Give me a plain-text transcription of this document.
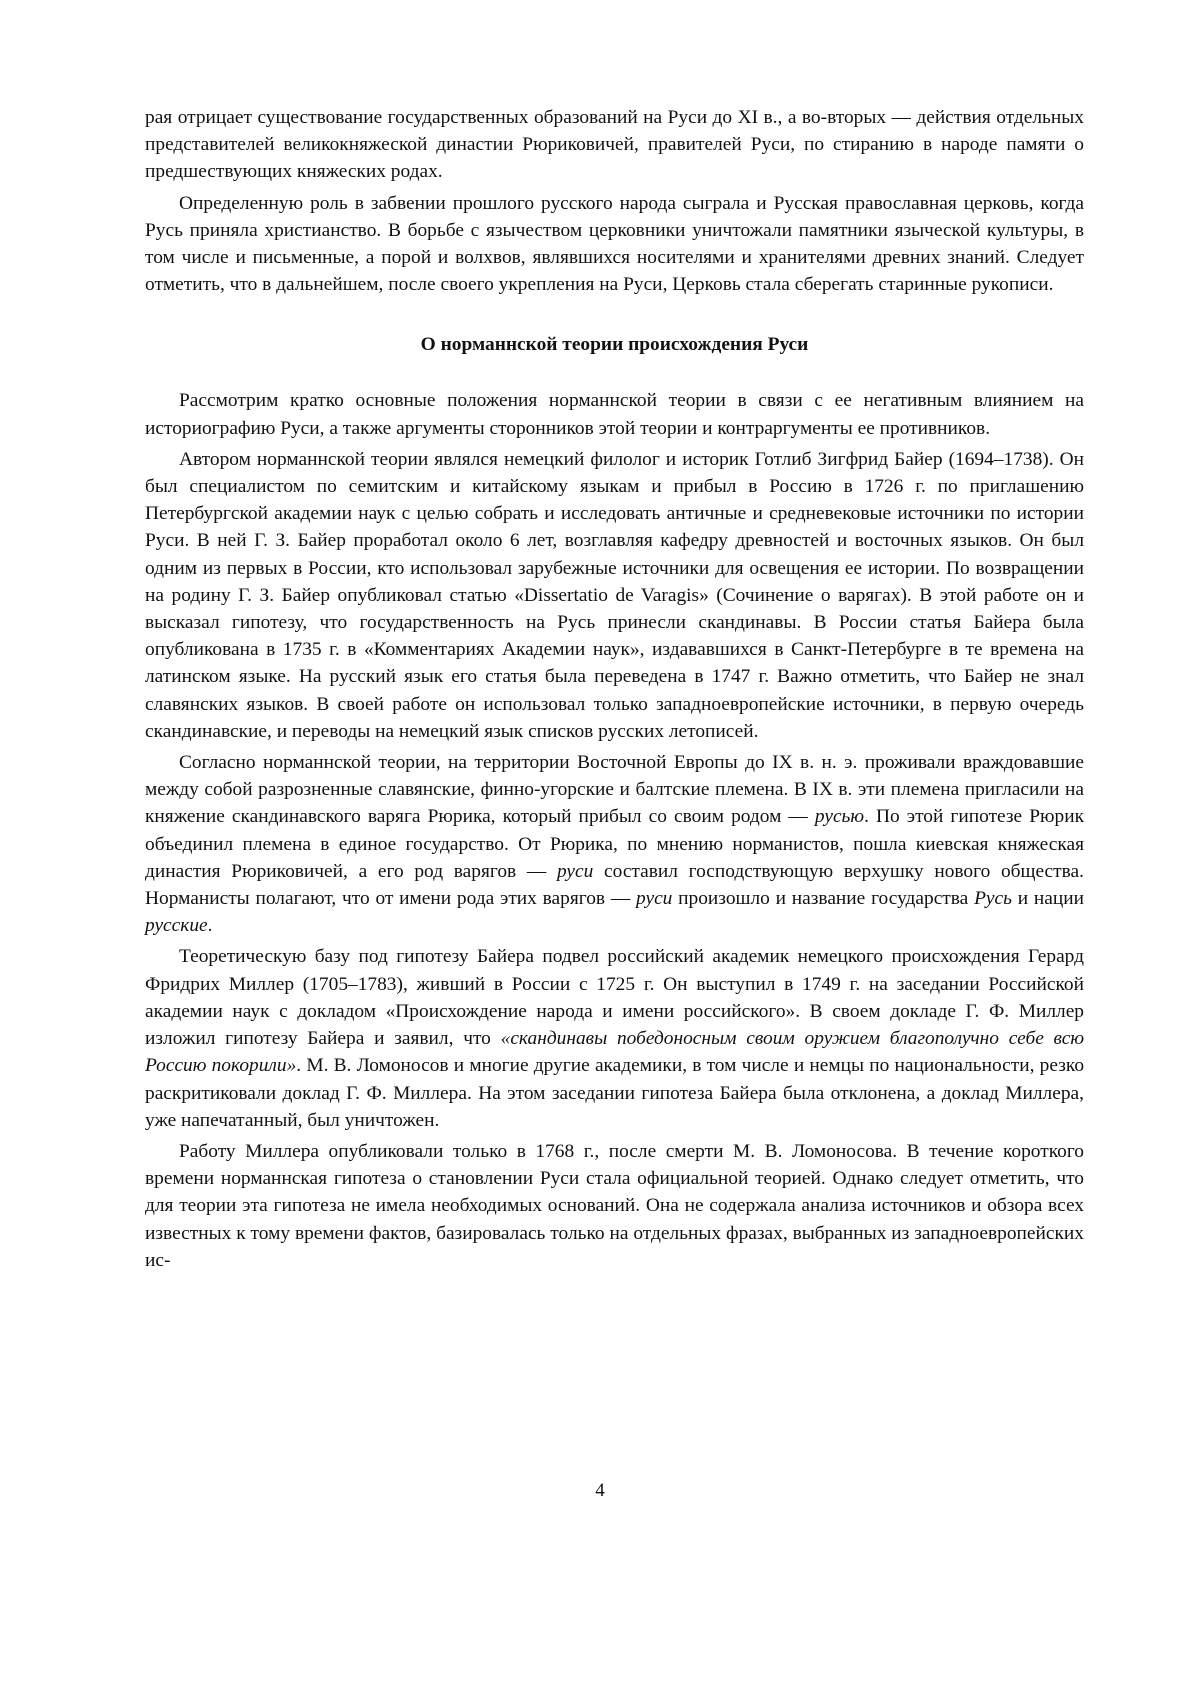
рая отрицает существование государственных образований на Руси до XI в., а во-вторых — действия отдельных представителей великокняжеской династии Рюриковичей, правителей Руси, по стиранию в народе памяти о предшествующих княжеских родах.

Определенную роль в забвении прошлого русского народа сыграла и Русская православная церковь, когда Русь приняла христианство. В борьбе с язычеством церковники уничтожали памятники языческой культуры, в том числе и письменные, а порой и волхвов, являвшихся носителями и хранителями древних знаний. Следует отметить, что в дальнейшем, после своего укрепления на Руси, Церковь стала сберегать старинные рукописи.

О норманнской теории происхождения Руси

Рассмотрим кратко основные положения норманнской теории в связи с ее негативным влиянием на историографию Руси, а также аргументы сторонников этой теории и контраргументы ее противников.

Автором норманнской теории являлся немецкий филолог и историк Готлиб Зигфрид Байер (1694–1738). Он был специалистом по семитским и китайскому языкам и прибыл в Россию в 1726 г. по приглашению Петербургской академии наук с целью собрать и исследовать античные и средневековые источники по истории Руси. В ней Г. З. Байер проработал около 6 лет, возглавляя кафедру древностей и восточных языков. Он был одним из первых в России, кто использовал зарубежные источники для освещения ее истории. По возвращении на родину Г. З. Байер опубликовал статью «Dissertatio de Varagis» (Сочинение о варягах). В этой работе он и высказал гипотезу, что государственность на Русь принесли скандинавы. В России статья Байера была опубликована в 1735 г. в «Комментариях Академии наук», издававшихся в Санкт-Петербурге в те времена на латинском языке. На русский язык его статья была переведена в 1747 г. Важно отметить, что Байер не знал славянских языков. В своей работе он использовал только западноевропейские источники, в первую очередь скандинавские, и переводы на немецкий язык списков русских летописей.

Согласно норманнской теории, на территории Восточной Европы до IX в. н. э. проживали враждовавшие между собой разрозненные славянские, финно-угорские и балтские племена. В IX в. эти племена пригласили на княжение скандинавского варяга Рюрика, который прибыл со своим родом — русью. По этой гипотезе Рюрик объединил племена в единое государство. От Рюрика, по мнению норманистов, пошла киевская княжеская династия Рюриковичей, а его род варягов — руси составил господствующую верхушку нового общества. Норманисты полагают, что от имени рода этих варягов — руси произошло и название государства Русь и нации русские.

Теоретическую базу под гипотезу Байера подвел российский академик немецкого происхождения Герард Фридрих Миллер (1705–1783), живший в России с 1725 г. Он выступил в 1749 г. на заседании Российской академии наук с докладом «Происхождение народа и имени российского». В своем докладе Г. Ф. Миллер изложил гипотезу Байера и заявил, что «скандинавы победоносным своим оружием благополучно себе всю Россию покорили». М. В. Ломоносов и многие другие академики, в том числе и немцы по национальности, резко раскритиковали доклад Г. Ф. Миллера. На этом заседании гипотеза Байера была отклонена, а доклад Миллера, уже напечатанный, был уничтожен.

Работу Миллера опубликовали только в 1768 г., после смерти М. В. Ломоносова. В течение короткого времени норманнская гипотеза о становлении Руси стала официальной теорией. Однако следует отметить, что для теории эта гипотеза не имела необходимых оснований. Она не содержала анализа источников и обзора всех известных к тому времени фактов, базировалась только на отдельных фразах, выбранных из западноевропейских ис-

4
